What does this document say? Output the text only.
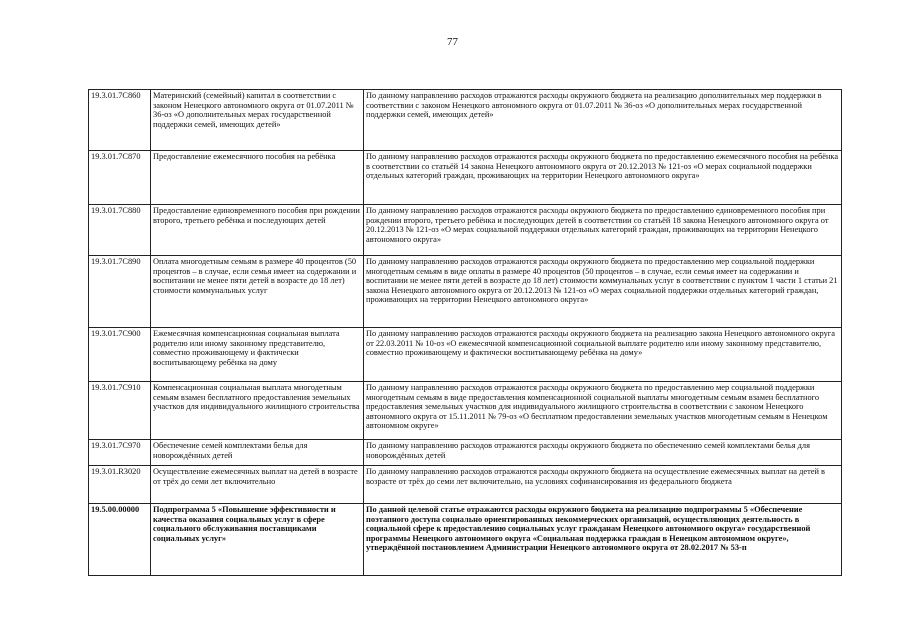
77
19.3.01.7C860	Материнский (семейный) капитал в соответствии с законом Ненецкого автономного округа от 01.07.2011 № 36-оз «О дополнительных мерах государственной поддержки семей, имеющих детей»	По данному направлению расходов отражаются расходы окружного бюджета на реализацию дополнительных мер поддержки в соответствии с законом Ненецкого автономного округа от 01.07.2011 № 36-оз «О дополнительных мерах государственной поддержки семей, имеющих детей»
19.3.01.7C870	Предоставление ежемесячного пособия на ребёнка	По данному направлению расходов отражаются расходы окружного бюджета по предоставлению ежемесячного пособия на ребёнка в соответствии со статьёй 14 закона Ненецкого автономного округа от 20.12.2013 № 121-оз «О мерах социальной поддержки отдельных категорий граждан, проживающих на территории Ненецкого автономного округа»
19.3.01.7C880	Предоставление единовременного пособия при рождении второго, третьего ребёнка и последующих детей	По данному направлению расходов отражаются расходы окружного бюджета по предоставлению единовременного пособия при рождении второго, третьего ребёнка и последующих детей в соответствии со статьёй 18 закона Ненецкого автономного округа от 20.12.2013 № 121-оз «О мерах социальной поддержки отдельных категорий граждан, проживающих на территории Ненецкого автономного округа»
19.3.01.7C890	Оплата многодетным семьям в размере 40 процентов (50 процентов – в случае, если семья имеет на содержании и воспитании не менее пяти детей в возрасте до 18 лет) стоимости коммунальных услуг	По данному направлению расходов отражаются расходы окружного бюджета по предоставлению мер социальной поддержки многодетным семьям в виде оплаты в размере 40 процентов (50 процентов – в случае, если семья имеет на содержании и воспитании не менее пяти детей в возрасте до 18 лет) стоимости коммунальных услуг в соответствии с пунктом 1 части 1 статьи 21 закона Ненецкого автономного округа от 20.12.2013 № 121-оз «О мерах социальной поддержки отдельных категорий граждан, проживающих на территории Ненецкого автономного округа»
19.3.01.7C900	Ежемесячная компенсационная социальная выплата родителю или иному законному представителю, совместно проживающему и фактически воспитывающему ребёнка на дому	По данному направлению расходов отражаются расходы окружного бюджета на реализацию закона Ненецкого автономного округа от 22.03.2011 № 10-оз «О ежемесячной компенсационной социальной выплате родителю или иному законному представителю, совместно проживающему и фактически воспитывающему ребёнка на дому»
19.3.01.7C910	Компенсационная социальная выплата многодетным семьям взамен бесплатного предоставления земельных участков для индивидуального жилищного строительства	По данному направлению расходов отражаются расходы окружного бюджета по предоставлению мер социальной поддержки многодетным семьям в виде предоставления компенсационной социальной выплаты многодетным семьям взамен бесплатного предоставления земельных участков для индивидуального жилищного строительства в соответствии с законом Ненецкого автономного округа от 15.11.2011 № 79-оз «О бесплатном предоставлении земельных участков многодетным семьям в Ненецком автономном округе»
19.3.01.7C970	Обеспечение семей комплектами белья для новорождённых детей	По данному направлению расходов отражаются расходы окружного бюджета по обеспечению семей комплектами белья для новорождённых детей
19.3.01.R3020	Осуществление ежемесячных выплат на детей в возрасте от трёх до семи лет включительно	По данному направлению расходов отражаются расходы окружного бюджета на осуществление ежемесячных выплат на детей в возрасте от трёх до семи лет включительно, на условиях софинансирования из федерального бюджета
19.5.00.00000	Подпрограмма 5 «Повышение эффективности и качества оказания социальных услуг в сфере социального обслуживания поставщиками социальных услуг»	По данной целевой статье отражаются расходы окружного бюджета на реализацию подпрограммы 5 «Обеспечение поэтапного доступа социально ориентированных некоммерческих организаций, осуществляющих деятельность в социальной сфере к предоставлению социальных услуг гражданам Ненецкого автономного округа» государственной программы Ненецкого автономного округа «Социальная поддержка граждан в Ненецком автономном округе», утверждённой постановлением Администрации Ненецкого автономного округа от 28.02.2017 № 53-п
